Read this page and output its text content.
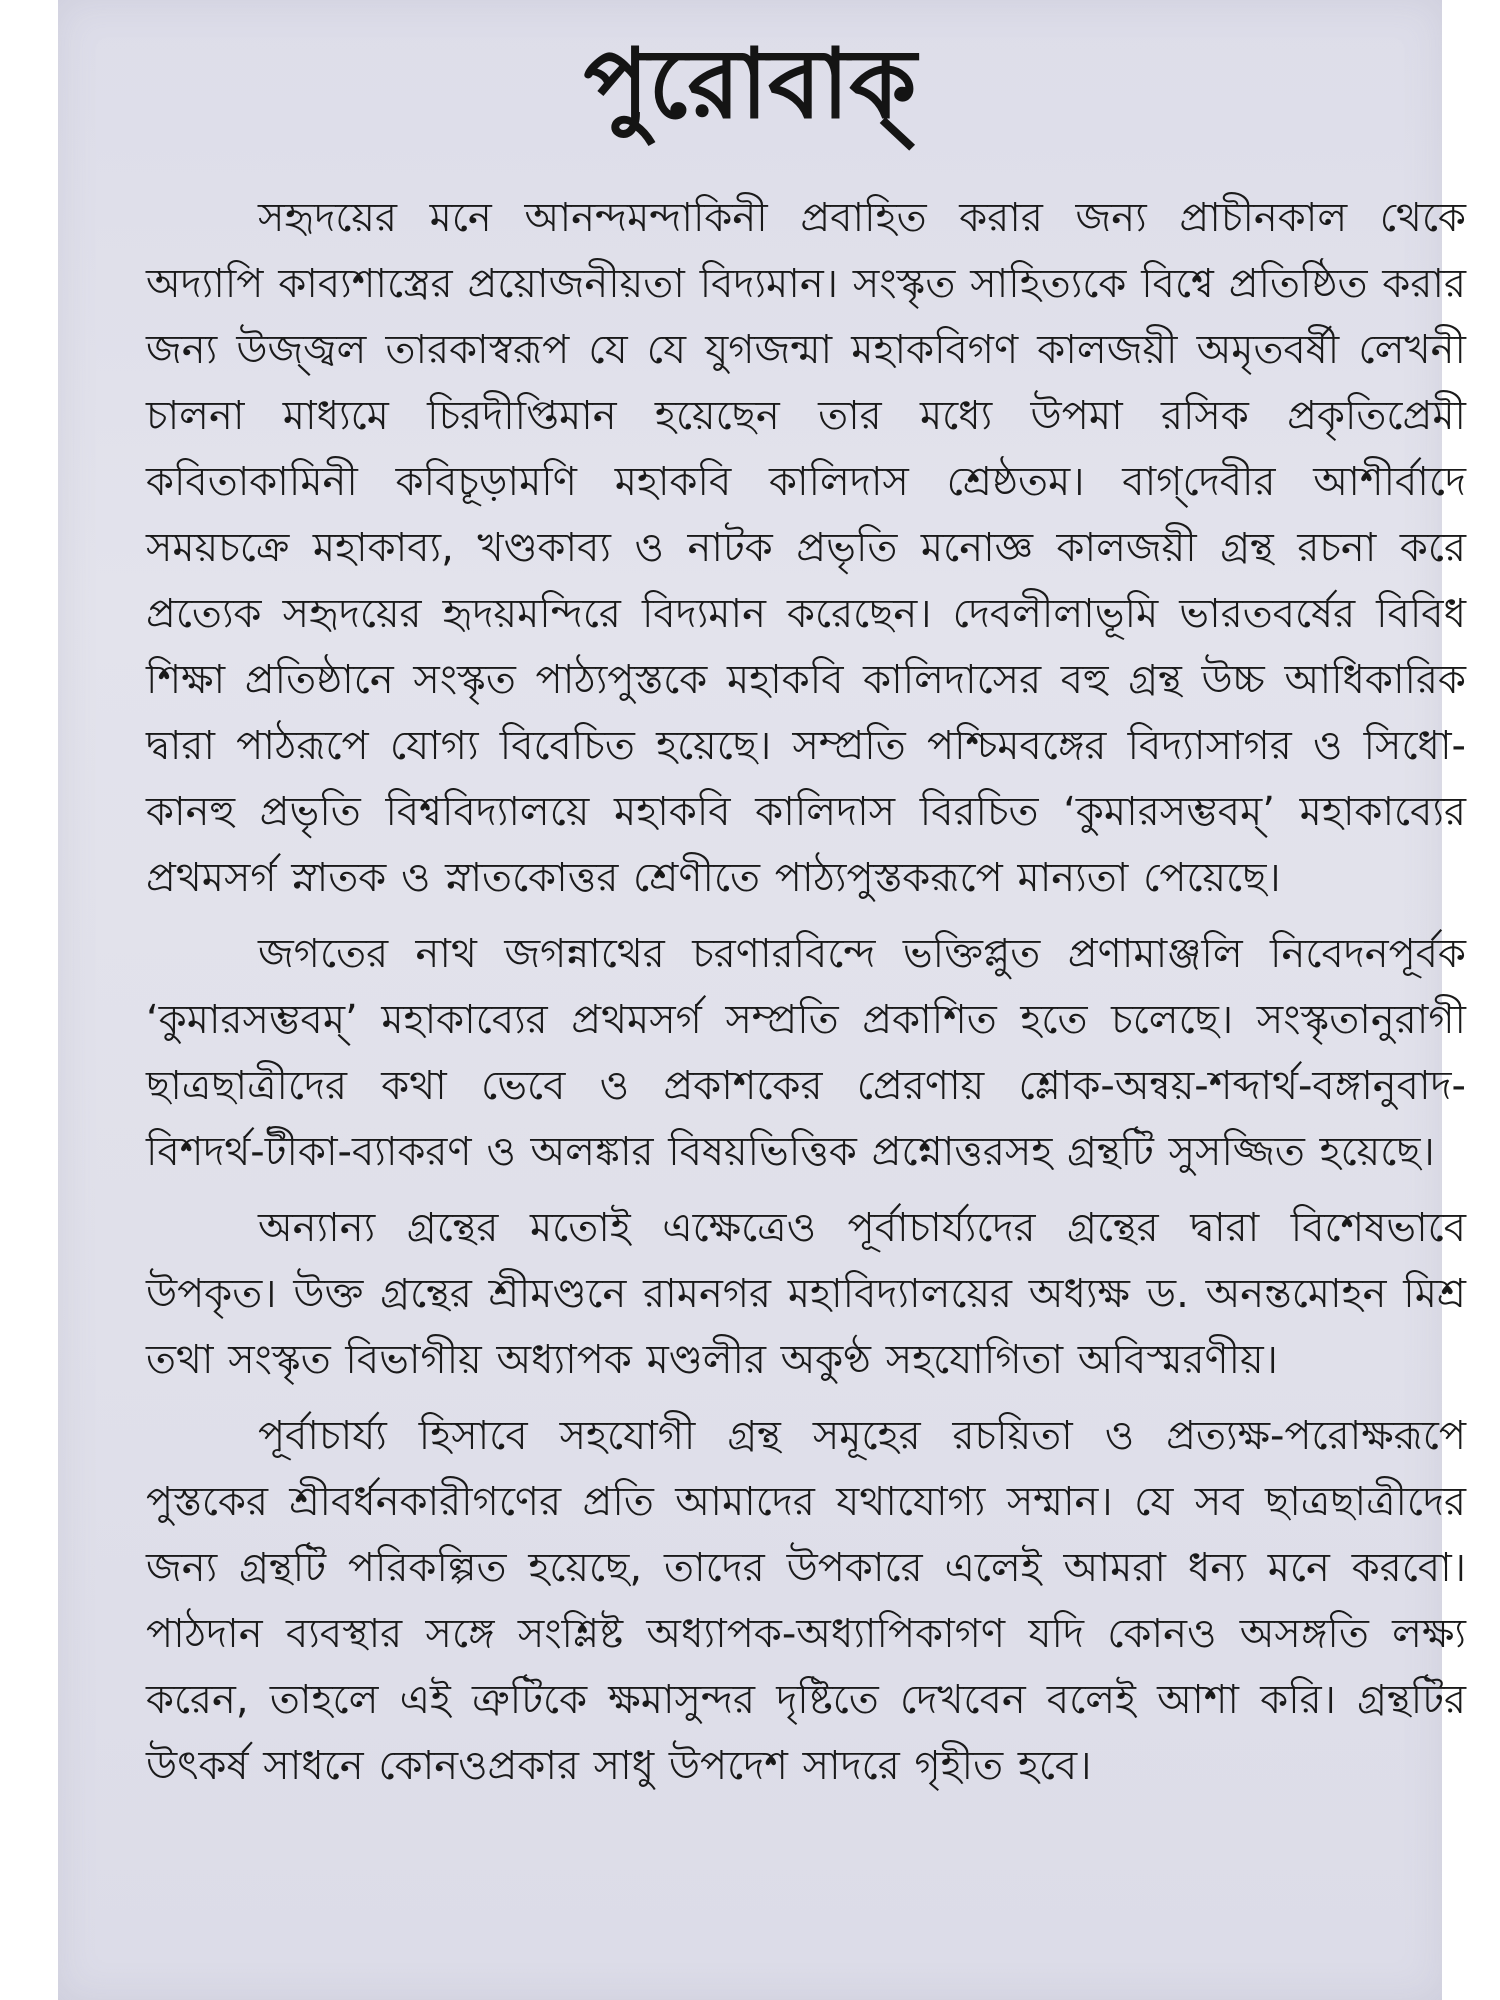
পুরোবাক্

সহৃদয়ের মনে আনন্দমন্দাকিনী প্রবাহিত করার জন্য প্রাচীনকাল থেকে অদ্যাপি কাব্যশাস্ত্রের প্রয়োজনীয়তা বিদ্যমান। সংস্কৃত সাহিত্যকে বিশ্বে প্রতিষ্ঠিত করার জন্য উজ্জ্বল তারকাস্বরূপ যে যে যুগজন্মা মহাকবিগণ কালজয়ী অমৃতবর্ষী লেখনী চালনা মাধ্যমে চিরদীপ্তিমান হয়েছেন তার মধ্যে উপমা রসিক প্রকৃতিপ্রেমী কবিতাকামিনী কবিচূড়ামণি মহাকবি কালিদাস শ্রেষ্ঠতম। বাগ্‌দেবীর আশীর্বাদে সময়চক্রে মহাকাব্য, খণ্ডকাব্য ও নাটক প্রভৃতি মনোজ্ঞ কালজয়ী গ্রন্থ রচনা করে প্রত্যেক সহৃদয়ের হৃদয়মন্দিরে বিদ্যমান করেছেন। দেবলীলাভূমি ভারতবর্ষের বিবিধ শিক্ষা প্রতিষ্ঠানে সংস্কৃত পাঠ্যপুস্তকে মহাকবি কালিদাসের বহু গ্রন্থ উচ্চ আধিকারিক দ্বারা পাঠরূপে যোগ্য বিবেচিত হয়েছে। সম্প্রতি পশ্চিমবঙ্গের বিদ্যাসাগর ও সিধো-কানহু প্রভৃতি বিশ্ববিদ্যালয়ে মহাকবি কালিদাস বিরচিত ‘কুমারসম্ভবম্’ মহাকাব্যের প্রথমসর্গ স্নাতক ও স্নাতকোত্তর শ্রেণীতে পাঠ্যপুস্তকরূপে মান্যতা পেয়েছে।

জগতের নাথ জগন্নাথের চরণারবিন্দে ভক্তিপ্লুত প্রণামাঞ্জলি নিবেদনপূর্বক ‘কুমারসম্ভবম্’ মহাকাব্যের প্রথমসর্গ সম্প্রতি প্রকাশিত হতে চলেছে। সংস্কৃতানুরাগী ছাত্রছাত্রীদের কথা ভেবে ও প্রকাশকের প্রেরণায় শ্লোক-অন্বয়-শব্দার্থ-বঙ্গানুবাদ-বিশদর্থ-টীকা-ব্যাকরণ ও অলঙ্কার বিষয়ভিত্তিক প্রশ্নোত্তরসহ গ্রন্থটি সুসজ্জিত হয়েছে।

অন্যান্য গ্রন্থের মতোই এক্ষেত্রেও পূর্বাচার্য্যদের গ্রন্থের দ্বারা বিশেষভাবে উপকৃত। উক্ত গ্রন্থের শ্রীমণ্ডনে রামনগর মহাবিদ্যালয়ের অধ্যক্ষ ড. অনন্তমোহন মিশ্র তথা সংস্কৃত বিভাগীয় অধ্যাপক মণ্ডলীর অকুণ্ঠ সহযোগিতা অবিস্মরণীয়।

পূর্বাচার্য্য হিসাবে সহযোগী গ্রন্থ সমূহের রচয়িতা ও প্রত্যক্ষ-পরোক্ষরূপে পুস্তকের শ্রীবর্ধনকারীগণের প্রতি আমাদের যথাযোগ্য সম্মান। যে সব ছাত্রছাত্রীদের জন্য গ্রন্থটি পরিকল্পিত হয়েছে, তাদের উপকারে এলেই আমরা ধন্য মনে করবো। পাঠদান ব্যবস্থার সঙ্গে সংশ্লিষ্ট অধ্যাপক-অধ্যাপিকাগণ যদি কোনও অসঙ্গতি লক্ষ্য করেন, তাহলে এই ত্রুটিকে ক্ষমাসুন্দর দৃষ্টিতে দেখবেন বলেই আশা করি। গ্রন্থটির উৎকর্ষ সাধনে কোনওপ্রকার সাধু উপদেশ সাদরে গৃহীত হবে।
